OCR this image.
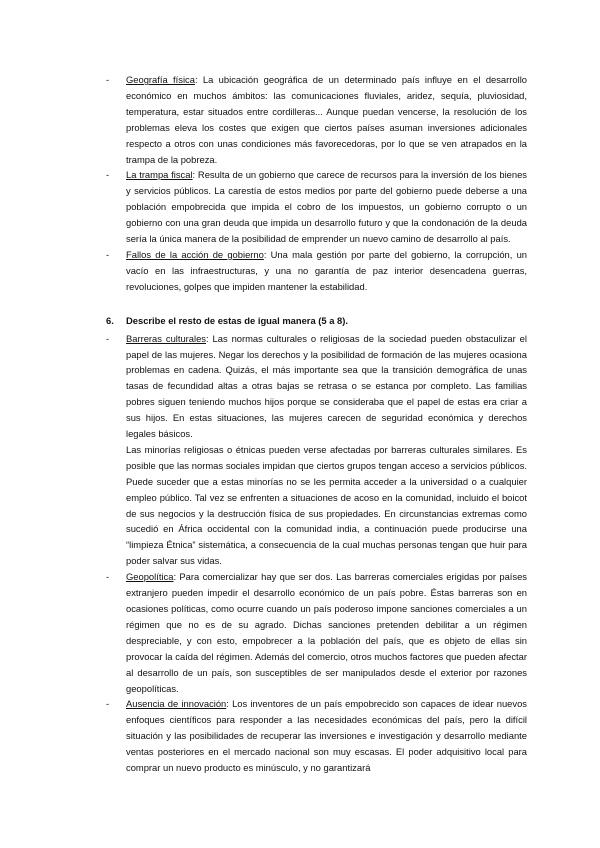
- Geografía física: La ubicación geográfica de un determinado país influye en el desarrollo económico en muchos ámbitos: las comunicaciones fluviales, aridez, sequía, pluviosidad, temperatura, estar situados entre cordilleras... Aunque puedan vencerse, la resolución de los problemas eleva los costes que exigen que ciertos países asuman inversiones adicionales respecto a otros con unas condiciones más favorecedoras, por lo que se ven atrapados en la trampa de la pobreza.
- La trampa fiscal: Resulta de un gobierno que carece de recursos para la inversión de los bienes y servicios públicos. La carestía de estos medios por parte del gobierno puede deberse a una población empobrecida que impida el cobro de los impuestos, un gobierno corrupto o un gobierno con una gran deuda que impida un desarrollo futuro y que la condonación de la deuda sería la única manera de la posibilidad de emprender un nuevo camino de desarrollo al país.
- Fallos de la acción de gobierno: Una mala gestión por parte del gobierno, la corrupción, un vacío en las infraestructuras, y una no garantía de paz interior desencadena guerras, revoluciones, golpes que impiden mantener la estabilidad.
6. Describe el resto de estas de igual manera (5 a 8).
- Barreras culturales: Las normas culturales o religiosas de la sociedad pueden obstaculizar el papel de las mujeres. Negar los derechos y la posibilidad de formación de las mujeres ocasiona problemas en cadena. Quizás, el más importante sea que la transición demográfica de unas tasas de fecundidad altas a otras bajas se retrasa o se estanca por completo. Las familias pobres siguen teniendo muchos hijos porque se consideraba que el papel de estas era criar a sus hijos. En estas situaciones, las mujeres carecen de seguridad económica y derechos legales básicos.
Las minorías religiosas o étnicas pueden verse afectadas por barreras culturales similares. Es posible que las normas sociales impidan que ciertos grupos tengan acceso a servicios públicos. Puede suceder que a estas minorías no se les permita acceder a la universidad o a cualquier empleo público. Tal vez se enfrenten a situaciones de acoso en la comunidad, incluido el boicot de sus negocios y la destrucción física de sus propiedades. En circunstancias extremas como sucedió en África occidental con la comunidad india, a continuación puede producirse una “limpieza Étnica” sistemática, a consecuencia de la cual muchas personas tengan que huir para poder salvar sus vidas.
- Geopolítica: Para comercializar hay que ser dos. Las barreras comerciales erigidas por países extranjero pueden impedir el desarrollo económico de un país pobre. Éstas barreras son en ocasiones políticas, como ocurre cuando un país poderoso impone sanciones comerciales a un régimen que no es de su agrado. Dichas sanciones pretenden debilitar a un régimen despreciable, y con esto, empobrecer a la población del país, que es objeto de ellas sin provocar la caída del régimen. Además del comercio, otros muchos factores que pueden afectar al desarrollo de un país, son susceptibles de ser manipulados desde el exterior por razones geopolíticas.
- Ausencia de innovación: Los inventores de un país empobrecido son capaces de idear nuevos enfoques científicos para responder a las necesidades económicas del país, pero la difícil situación y las posibilidades de recuperar las inversiones e investigación y desarrollo mediante ventas posteriores en el mercado nacional son muy escasas. El poder adquisitivo local para comprar un nuevo producto es minúsculo, y no garantizará
